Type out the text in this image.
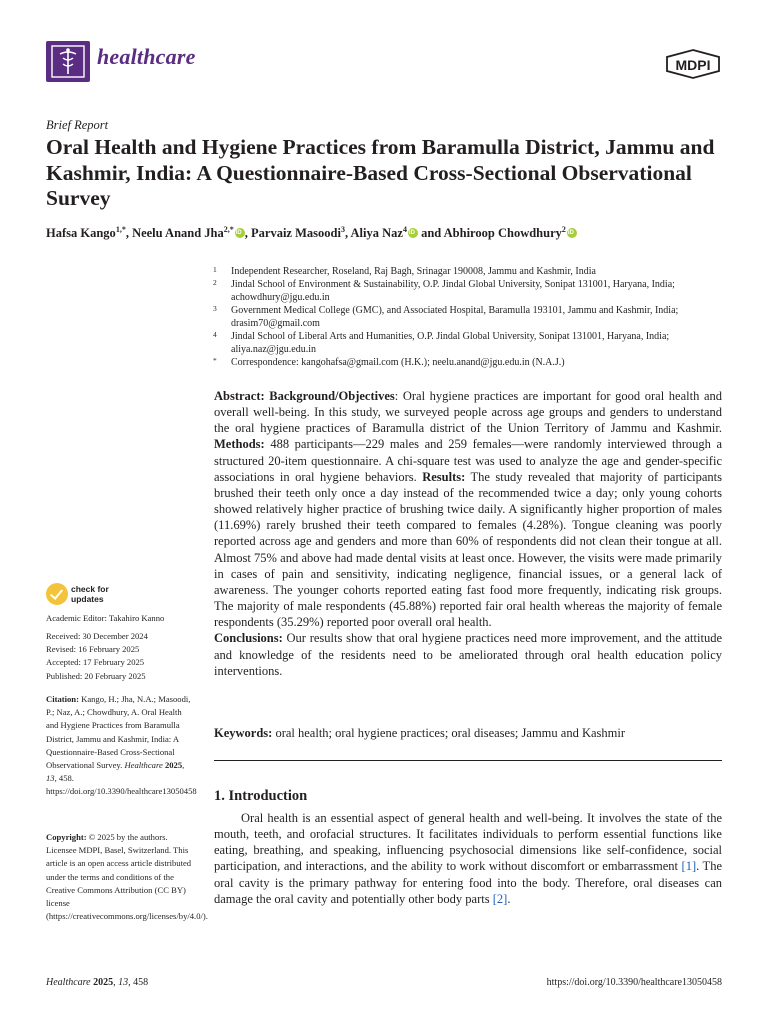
healthcare	MDPI
Brief Report
Oral Health and Hygiene Practices from Baramulla District, Jammu and Kashmir, India: A Questionnaire-Based Cross-Sectional Observational Survey
Hafsa Kango$^{1,*}$, Neelu Anand Jha$^{2,*}$iD , Parvaiz Masoodi$^3$, Aliya Naz$^4$iD and Abhiroop Chowdhury$^2$iD
1	Independent Researcher, Roseland, Raj Bagh, Srinagar 190008, Jammu and Kashmir, India
2	Jindal School of Environment & Sustainability, O.P. Jindal Global University, Sonipat 131001, Haryana, India; achowdhury@jgu.edu.in
3	Government Medical College (GMC), and Associated Hospital, Baramulla 193101, Jammu and Kashmir, India; drasim70@gmail.com
4	Jindal School of Liberal Arts and Humanities, O.P. Jindal Global University, Sonipat 131001, Haryana, India; aliya.naz@jgu.edu.in
*	Correspondence: kangohafsa@gmail.com (H.K.); neelu.anand@jgu.edu.in (N.A.J.)
Abstract: Background/Objectives: Oral hygiene practices are important for good oral health and overall well-being. In this study, we surveyed people across age groups and genders to understand the oral hygiene practices of Baramulla district of the Union Territory of Jammu and Kashmir. Methods: 488 participants—229 males and 259 females—were randomly interviewed through a structured 20-item questionnaire. A chi-square test was used to analyze the age and gender-specific associations in oral hygiene behaviors. Results: The study revealed that majority of participants brushed their teeth only once a day instead of the recommended twice a day; only young cohorts showed relatively higher practice of brushing twice daily. A significantly higher proportion of males (11.69%) rarely brushed their teeth compared to females (4.28%). Tongue cleaning was poorly reported across age and genders and more than 60% of respondents did not clean their tongue at all. Almost 75% and above had made dental visits at least once. However, the visits were made primarily in cases of pain and sensitivity, indicating negligence, financial issues, or a general lack of awareness. The younger cohorts reported eating fast food more frequently, indicating risk groups. The majority of male respondents (45.88%) reported fair oral health whereas the majority of female respondents (35.29%) reported poor overall oral health.
Conclusions: Our results show that oral hygiene practices need more improvement, and the attitude and knowledge of the residents need to be ameliorated through oral health education policy interventions.
Keywords: oral health; oral hygiene practices; oral diseases; Jammu and Kashmir
1. Introduction
Oral health is an essential aspect of general health and well-being. It involves the state of the mouth, teeth, and orofacial structures. It facilitates individuals to perform essential functions like eating, breathing, and speaking, influencing psychosocial dimensions like self-confidence, social participation, and interactions, and the ability to work without discomfort or embarrassment [1]. The oral cavity is the primary pathway for entering food into the body. Therefore, oral diseases can damage the oral cavity and potentially other body parts [2].
check for
updates
Academic Editor: Takahiro Kanno
Received: 30 December 2024
Revised: 16 February 2025
Accepted: 17 February 2025
Published: 20 February 2025
Citation: Kango, H.; Jha, N.A.; Masoodi, P.; Naz, A.; Chowdhury, A. Oral Health and Hygiene Practices from Baramulla District, Jammu and Kashmir, India: A Questionnaire-Based Cross-Sectional Observational Survey. Healthcare 2025, 13, 458. https://doi.org/10.3390/healthcare13050458
Copyright: © 2025 by the authors. Licensee MDPI, Basel, Switzerland. This article is an open access article distributed under the terms and conditions of the Creative Commons Attribution (CC BY) license (https://creativecommons.org/licenses/by/4.0/).
Healthcare 2025, 13, 458	https://doi.org/10.3390/healthcare13050458
